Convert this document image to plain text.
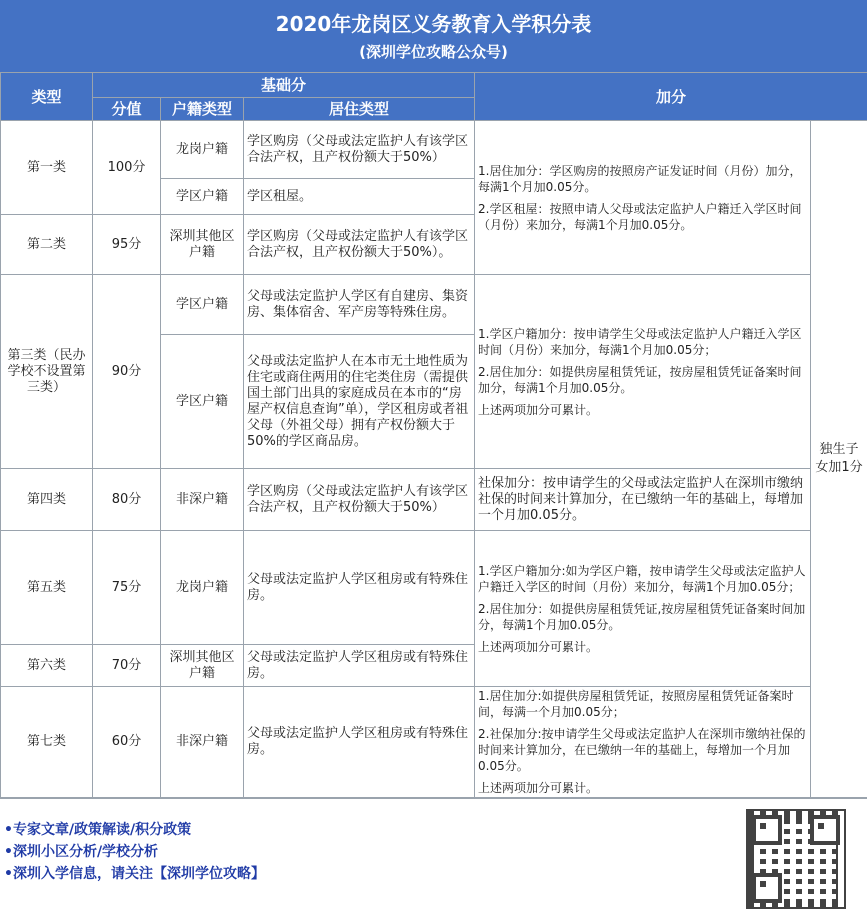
2020年龙岗区义务教育入学积分表
(深圳学位攻略公众号)
类型	基础分			加分	
	分值	户籍类型	居住类型		
第一类	100分	龙岗户籍	学区购房（父母或法定监护人有该学区合法产权，且产权份额大于50%）	1.居住加分：学区购房的按照房产证发证时间（月份）加分，每满1个月加0.05分。

2.学区租屋：按照申请人父母或法定监护人户籍迁入学区时间（月份）来加分，每满1个月加0.05分。	独生子女加1分
		学区户籍	学区租屋。		
第二类	95分	深圳其他区户籍	学区购房（父母或法定监护人有该学区合法产权，且产权份额大于50%）。		

第三类（民办学校不设置第三类）	90分	学区户籍	父母或法定监护人学区有自建房、集资房、集体宿舍、军产房等特殊住房。	1.学区户籍加分：按申请学生父母或法定监护人户籍迁入学区时间（月份）来加分，每满1个月加0.05分；

2.居住加分：如提供房屋租赁凭证，按房屋租赁凭证备案时间加分，每满1个月加0.05分。

上述两项加分可累计。	

		学区户籍	父母或法定监护人在本市无土地性质为住宅或商住两用的住宅类住房（需提供国土部门出具的家庭成员在本市的“房屋产权信息查询”单），学区租房或者祖父母（外祖父母）拥有产权份额大于50%的学区商品房。		
第四类	80分	非深户籍	学区购房（父母或法定监护人有该学区合法产权，且产权份额大于50%）	社保加分：按申请学生的父母或法定监护人在深圳市缴纳社保的时间来计算加分，在已缴纳一年的基础上，每增加一个月加0.05分。	
第五类	75分	龙岗户籍	父母或法定监护人学区租房或有特殊住房。	1.学区户籍加分:如为学区户籍，按申请学生父母或法定监护人户籍迁入学区的时间（月份）来加分，每满1个月加0.05分；

2.居住加分：如提供房屋租赁凭证,按房屋租赁凭证备案时间加分，每满1个月加0.05分。

上述两项加分可累计。	

第六类	70分	深圳其他区户籍	父母或法定监护人学区租房或有特殊住房。		
第七类	60分	非深户籍	父母或法定监护人学区租房或有特殊住房。	1.居住加分:如提供房屋租赁凭证，按照房屋租赁凭证备案时间，每满一个月加0.05分；

2.社保加分:按申请学生父母或法定监护人在深圳市缴纳社保的时间来计算加分，在已缴纳一年的基础上，每增加一个月加0.05分。

上述两项加分可累计。	

•专家文章/政策解读/积分政策
•深圳小区分析/学校分析
•深圳入学信息，请关注【深圳学位攻略】
